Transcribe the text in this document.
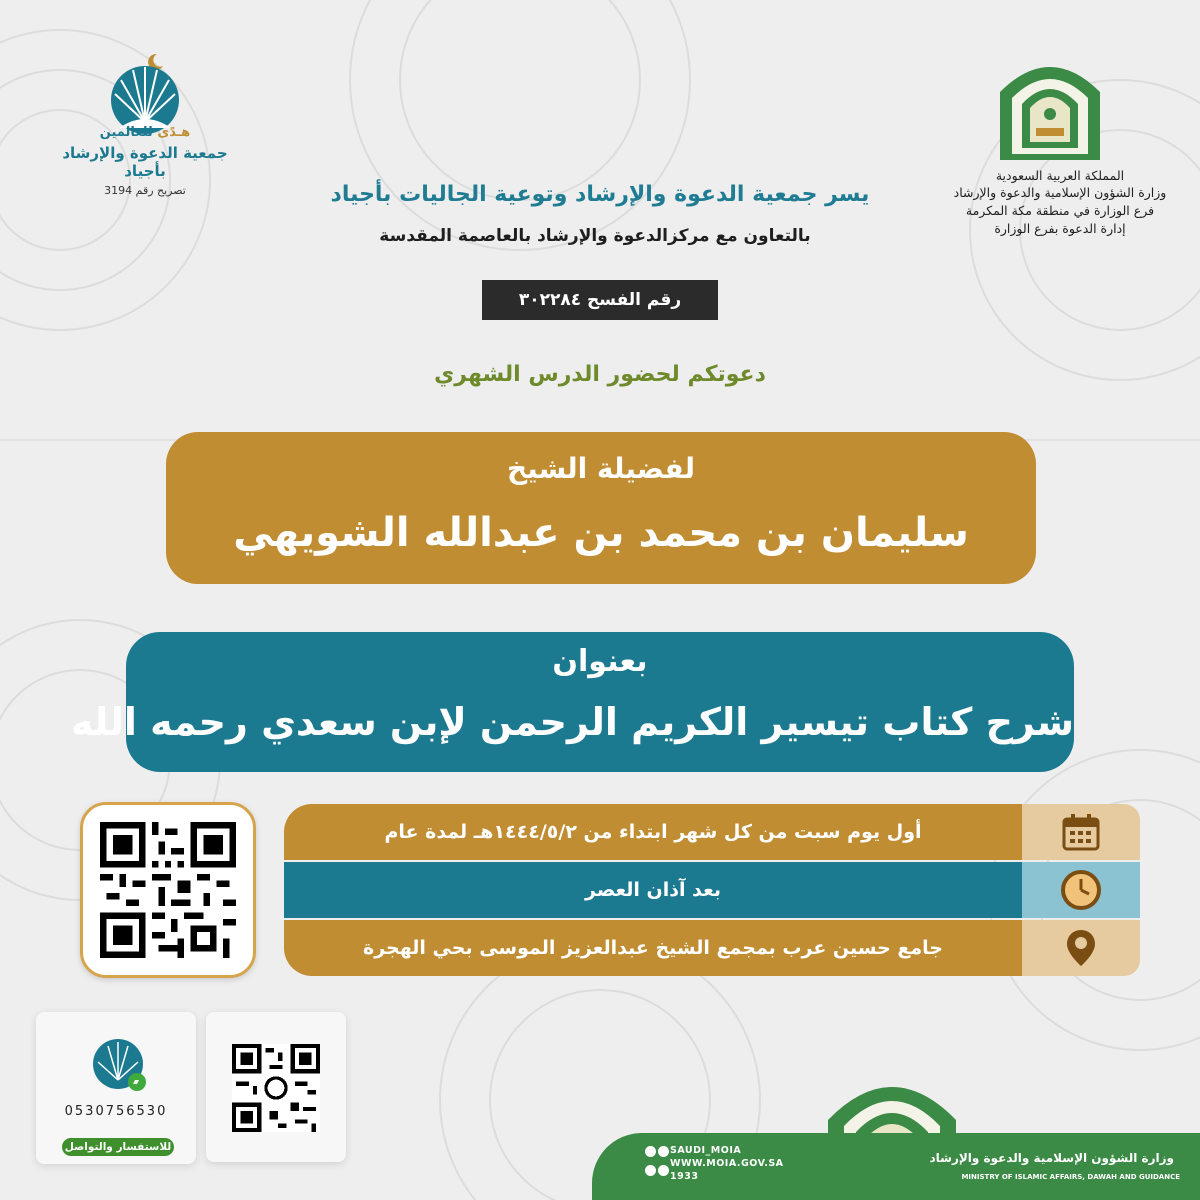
المملكة العربية السعودية
وزارة الشؤون الإسلامية والدعوة والإرشاد
فرع الوزارة في منطقة مكة المكرمة
إدارة الدعوة بفرع الوزارة
هـدًى للعالمين
جمعية الدعوة والإرشاد بأجياد
تصريح رقم 3194	يسر جمعية الدعوة والإرشاد وتوعية الجاليات بأجياد
بالتعاون مع مركزالدعوة والإرشاد بالعاصمة المقدسة
رقم الفسح ٣٠٢٢٨٤
دعوتكم لحضور الدرس الشهري
لفضيلة الشيخ
سليمان بن محمد بن عبدالله الشويهي
بعنوان
شرح كتاب تيسير الكريم الرحمن لإبن سعدي رحمه الله
أول يوم سبت من كل شهر ابتداء من ١٤٤٤/٥/٢هـ لمدة عام
بعد آذان العصر
جامع حسين عرب بمجمع الشيخ عبدالعزيز الموسى بحي الهجرة
0530756530
للاستفسار والتواصل
	SAUDI_MOIA
WWW.MOIA.GOV.SA
1933
وزارة الشؤون الإسلامية والدعوة والإرشاد
MINISTRY OF ISLAMIC AFFAIRS, DAWAH AND GUIDANCE
